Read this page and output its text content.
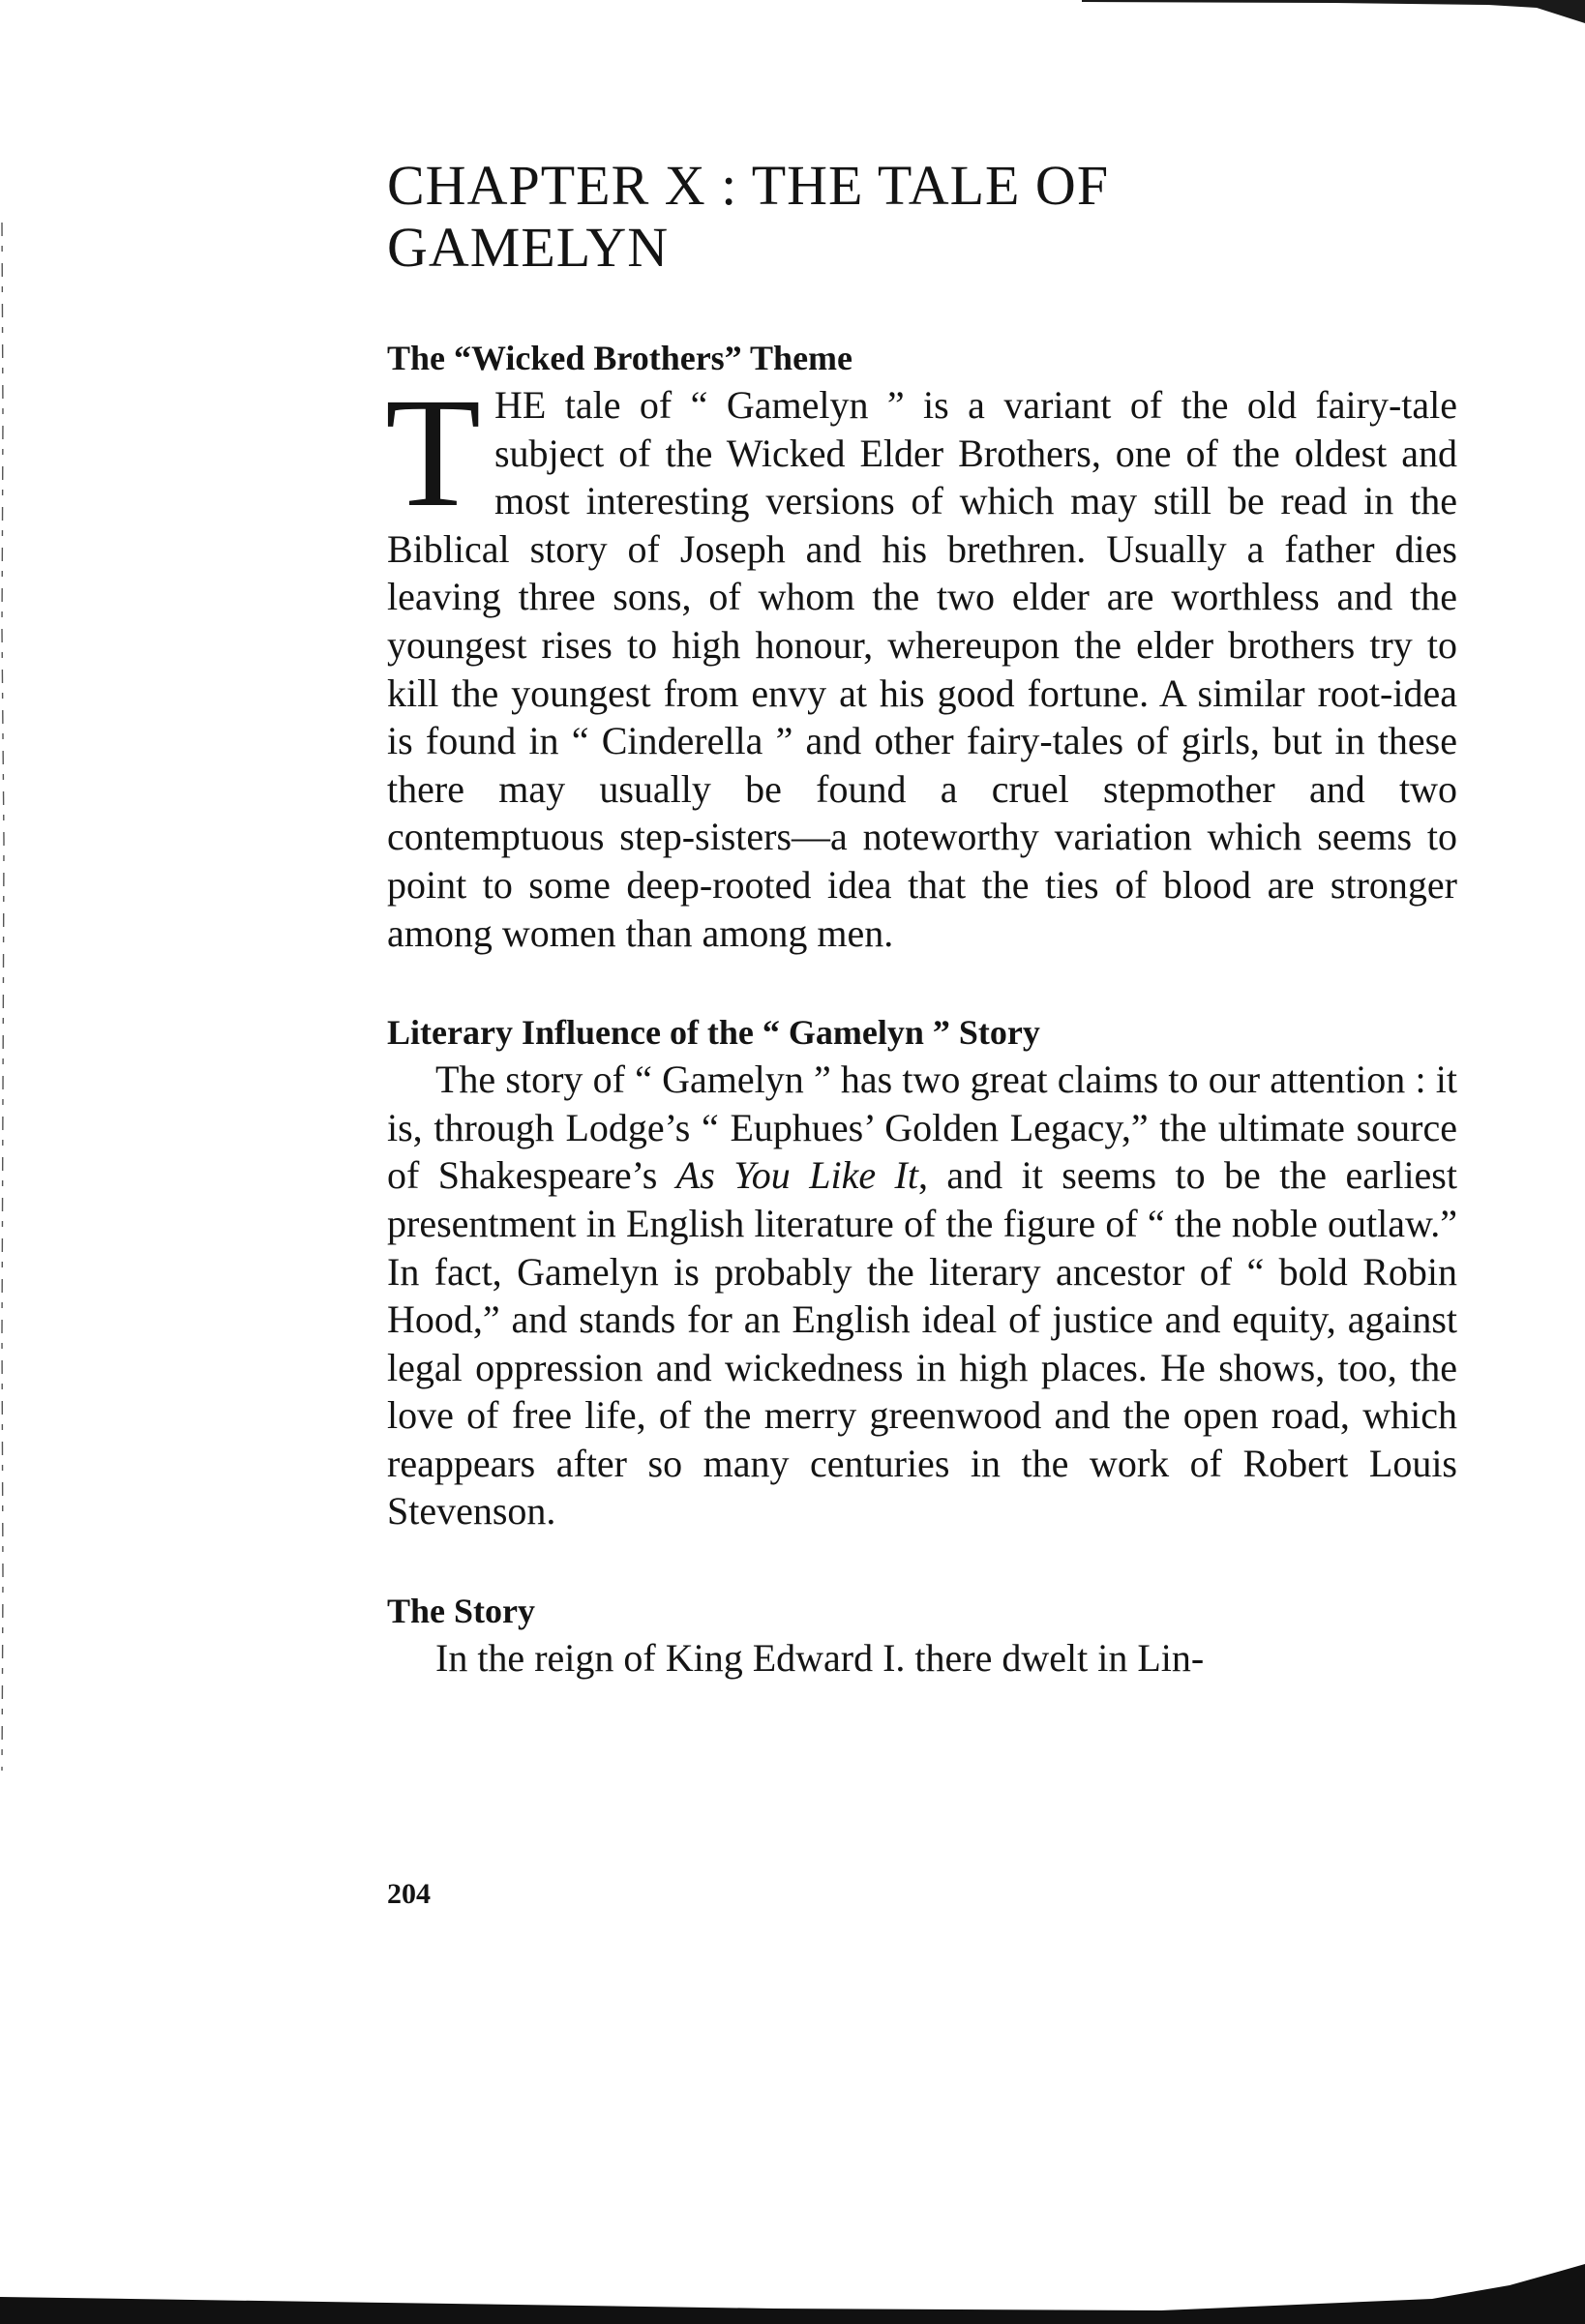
CHAPTER X : THE TALE OF
GAMELYN
The “Wicked Brothers” Theme

THE tale of “ Gamelyn ” is a variant of the old fairy-tale subject of the Wicked Elder Brothers, one of the oldest and most interesting versions of which may still be read in the Biblical story of Joseph and his brethren. Usually a father dies leaving three sons, of whom the two elder are worthless and the youngest rises to high honour, whereupon the elder brothers try to kill the youngest from envy at his good fortune. A similar root-idea is found in “ Cinderella ” and other fairy-tales of girls, but in these there may usually be found a cruel stepmother and two contemptuous step-sisters—a noteworthy variation which seems to point to some deep-rooted idea that the ties of blood are stronger among women than among men.

Literary Influence of the “ Gamelyn ” Story

The story of “ Gamelyn ” has two great claims to our attention : it is, through Lodge’s “ Euphues’ Golden Legacy,” the ultimate source of Shakespeare’s As You Like It, and it seems to be the earliest presentment in English literature of the figure of “ the noble outlaw.” In fact, Gamelyn is probably the literary ancestor of “ bold Robin Hood,” and stands for an English ideal of justice and equity, against legal oppression and wickedness in high places. He shows, too, the love of free life, of the merry greenwood and the open road, which reappears after so many centuries in the work of Robert Louis Stevenson.

The Story

In the reign of King Edward I. there dwelt in Lin-

204
